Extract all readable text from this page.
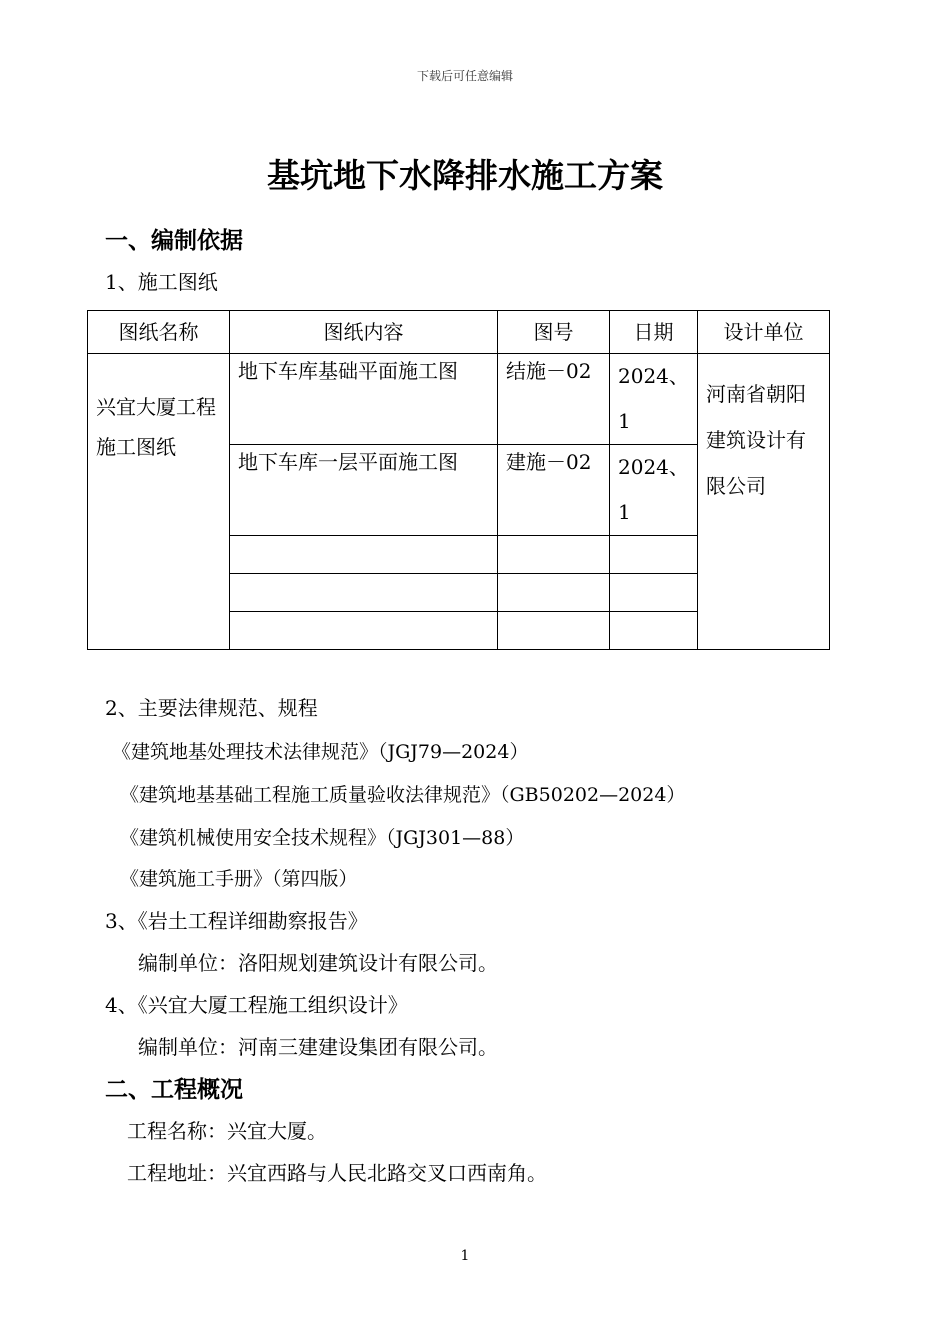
下载后可任意编辑
基坑地下水降排水施工方案
一、编制依据
1、施工图纸
图纸名称	图纸内容	图号	日期	设计单位
兴宜大厦工程施工图纸	地下车库基础平面施工图	结施－02	2024、1	河南省朝阳建筑设计有限公司
	地下车库一层平面施工图	建施－02	2024、1	

2、主要法律规范、规程
《建筑地基处理技术法律规范》（JGJ79—2024）
《建筑地基基础工程施工质量验收法律规范》（GB50202—2024）
《建筑机械使用安全技术规程》（JGJ301—88）
《建筑施工手册》（第四版）
3、《岩土工程详细勘察报告》
编制单位：洛阳规划建筑设计有限公司。
4、《兴宜大厦工程施工组织设计》
编制单位：河南三建建设集团有限公司。
二、工程概况
工程名称：兴宜大厦。
工程地址：兴宜西路与人民北路交叉口西南角。
1
